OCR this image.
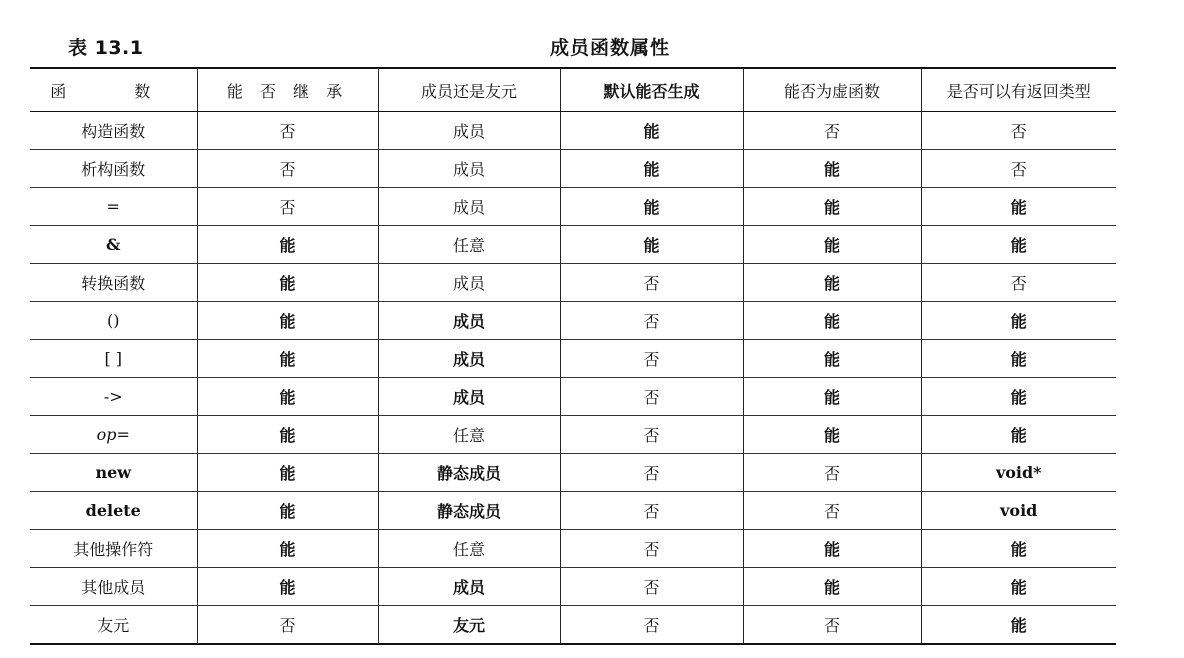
表 13.1	成员函数属性
函　数	能 否 继 承	成员还是友元	默认能否生成	能否为虚函数	是否可以有返回类型
构造函数	否	成员	能	否	否
析构函数	否	成员	能	能	否
=	否	成员	能	能	能
&	能	任意	能	能	能
转换函数	能	成员	否	能	否
()	能	成员	否	能	能
[ ]	能	成员	否	能	能
->	能	成员	否	能	能
op=	能	任意	否	能	能
new	能	静态成员	否	否	void*
delete	能	静态成员	否	否	void
其他操作符	能	任意	否	能	能
其他成员	能	成员	否	能	能
友元	否	友元	否	否	能
